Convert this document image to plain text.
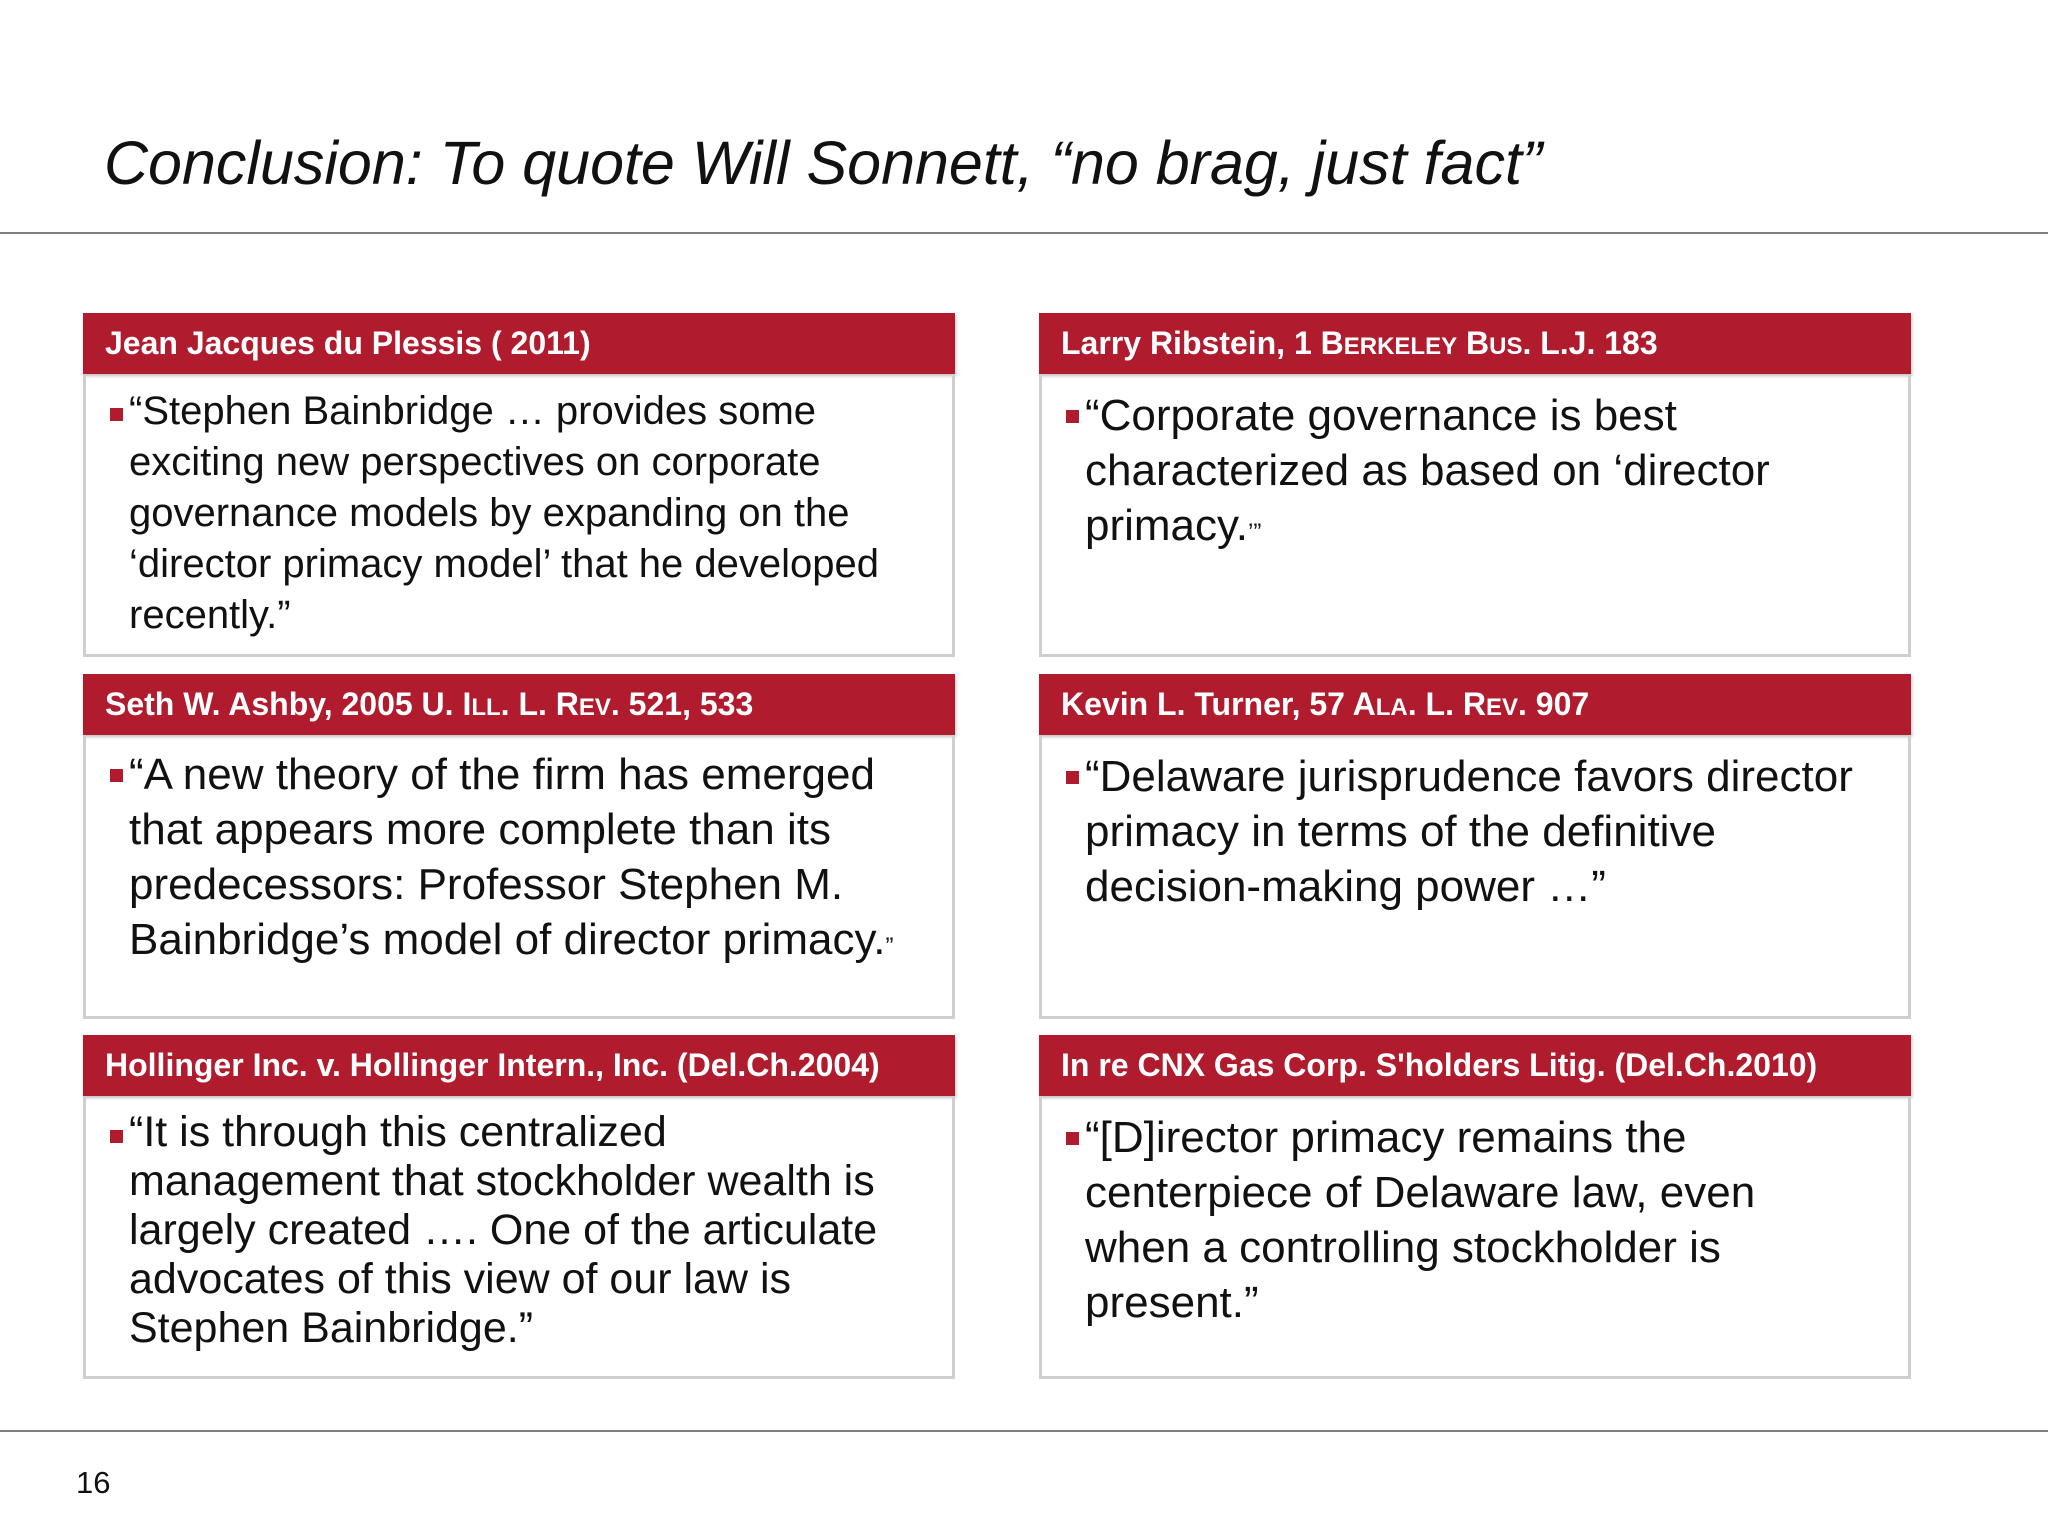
Conclusion: To quote Will Sonnett, “no brag, just fact”
Jean Jacques du Plessis ( 2011)
“Stephen Bainbridge … provides some
exciting new perspectives on corporate
governance models by expanding on the
‘director primacy model’ that he developed
recently.”
Larry Ribstein, 1 BERKELEY BUS. L.J. 183
“Corporate governance is best
characterized as based on ‘director
primacy.’”
Seth W. Ashby, 2005 U. ILL. L. REV. 521, 533
“A new theory of the firm has emerged
that appears more complete than its
predecessors: Professor Stephen M.
Bainbridge’s model of director primacy.”
Kevin L. Turner, 57 ALA. L. REV. 907
“Delaware jurisprudence favors director
primacy in terms of the definitive
decision-making power …”
Hollinger Inc. v. Hollinger Intern., Inc. (Del.Ch.2004)
“It is through this centralized
management that stockholder wealth is
largely created …. One of the articulate
advocates of this view of our law is
Stephen Bainbridge.”
In re CNX Gas Corp. S'holders Litig. (Del.Ch.2010)
“[D]irector primacy remains the
centerpiece of Delaware law, even
when a controlling stockholder is
present.”
16
